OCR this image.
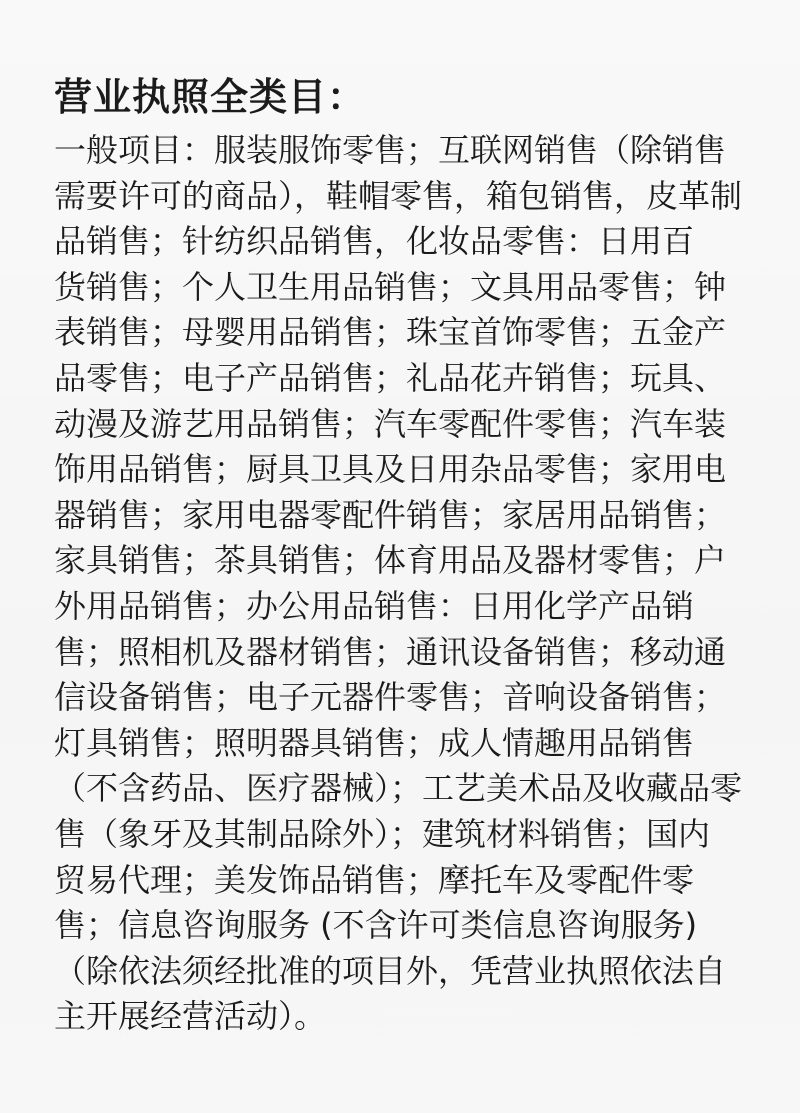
营业执照全类目：
一般项目：服装服饰零售；互联网销售（除销售
需要许可的商品），鞋帽零售，箱包销售，皮革制
品销售；针纺织品销售，化妆品零售：日用百
货销售；个人卫生用品销售；文具用品零售；钟
表销售；母婴用品销售；珠宝首饰零售；五金产
品零售；电子产品销售；礼品花卉销售；玩具、
动漫及游艺用品销售；汽车零配件零售；汽车装
饰用品销售；厨具卫具及日用杂品零售；家用电
器销售；家用电器零配件销售；家居用品销售；
家具销售；茶具销售；体育用品及器材零售；户
外用品销售；办公用品销售：日用化学产品销
售；照相机及器材销售；通讯设备销售；移动通
信设备销售；电子元器件零售；音响设备销售；
灯具销售；照明器具销售；成人情趣用品销售
（不含药品、医疗器械）；工艺美术品及收藏品零
售（象牙及其制品除外）；建筑材料销售；国内
贸易代理；美发饰品销售；摩托车及零配件零
售；信息咨询服务 (不含许可类信息咨询服务)
（除依法须经批准的项目外，凭营业执照依法自
主开展经营活动）。
